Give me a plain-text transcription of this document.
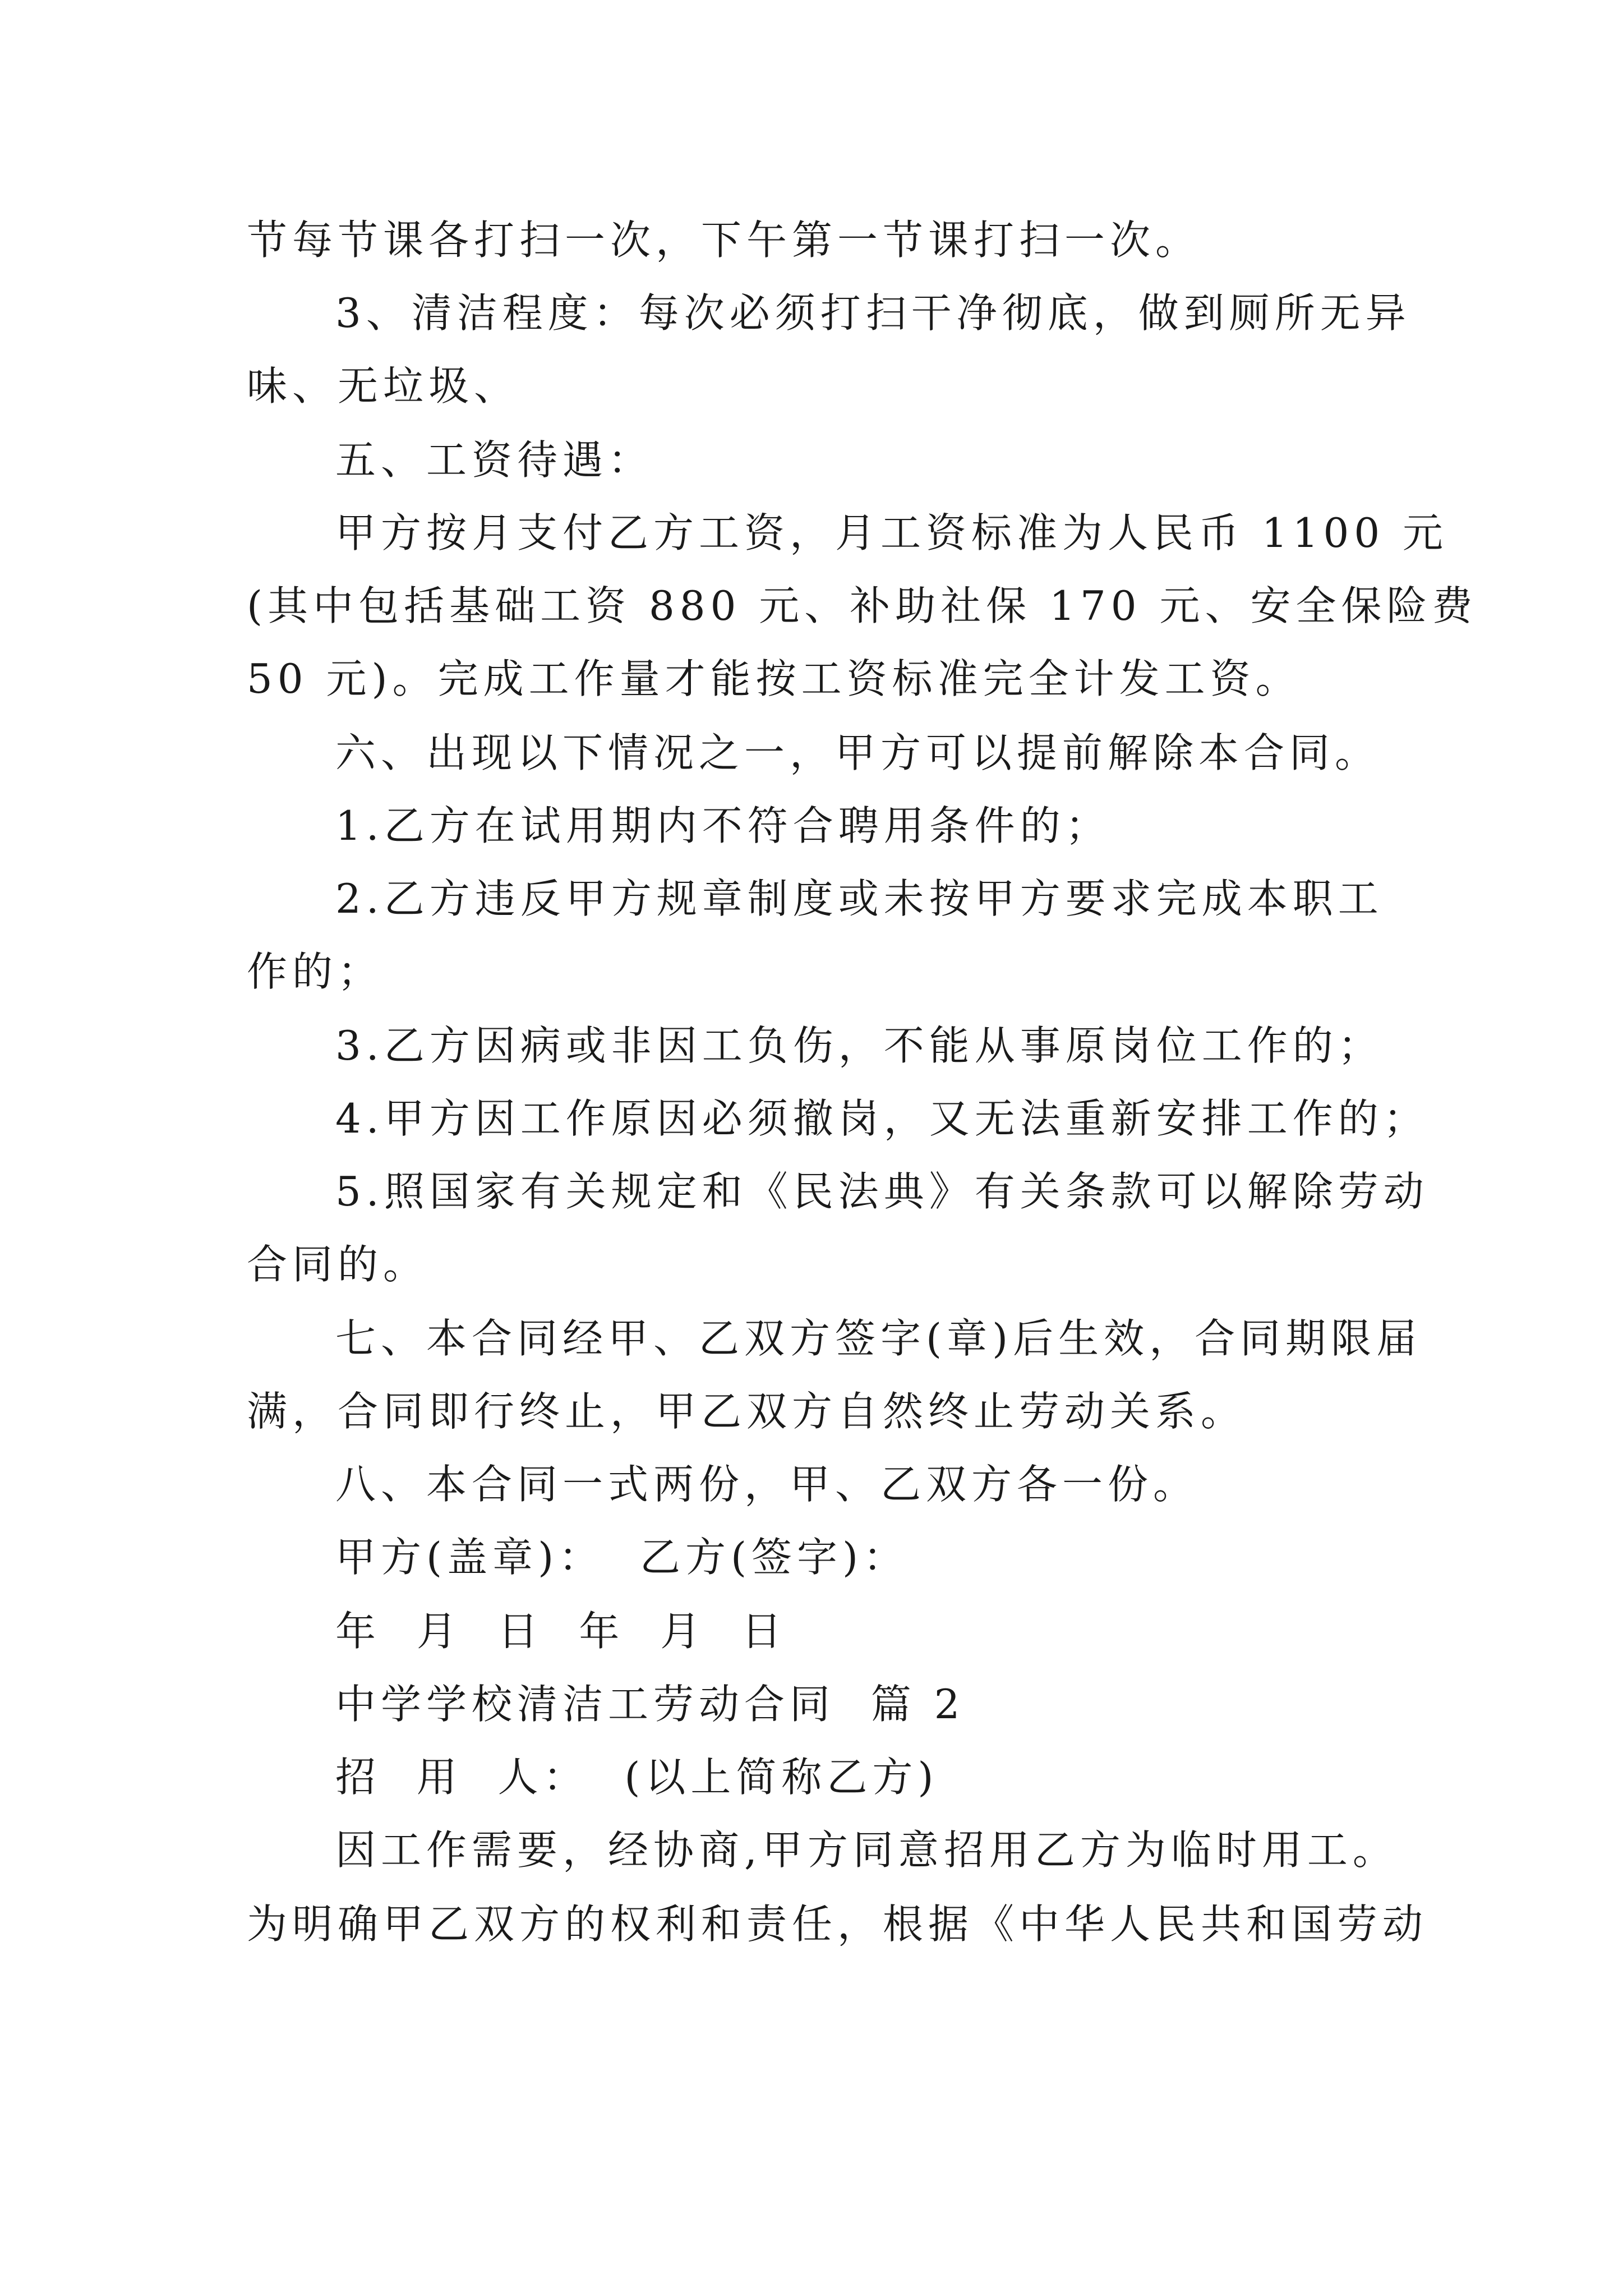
节每节课各打扫一次，下午第一节课打扫一次。
3、清洁程度：每次必须打扫干净彻底，做到厕所无异
味、无垃圾、
五、工资待遇：
甲方按月支付乙方工资，月工资标准为人民币 1100 元
(其中包括基础工资 880 元、补助社保 170 元、安全保险费
50 元)。完成工作量才能按工资标准完全计发工资。
六、出现以下情况之一，甲方可以提前解除本合同。
1.乙方在试用期内不符合聘用条件的；
2.乙方违反甲方规章制度或未按甲方要求完成本职工
作的；
3.乙方因病或非因工负伤，不能从事原岗位工作的；
4.甲方因工作原因必须撤岗，又无法重新安排工作的；
5.照国家有关规定和《民法典》有关条款可以解除劳动
合同的。
七、本合同经甲、乙双方签字(章)后生效，合同期限届
满，合同即行终止，甲乙双方自然终止劳动关系。
八、本合同一式两份，甲、乙双方各一份。
甲方(盖章)：  乙方(签字)：
年  月  日  年  月  日
中学学校清洁工劳动合同  篇 2
招  用  人：  (以上简称乙方)
因工作需要，经协商,甲方同意招用乙方为临时用工。
为明确甲乙双方的权利和责任，根据《中华人民共和国劳动
